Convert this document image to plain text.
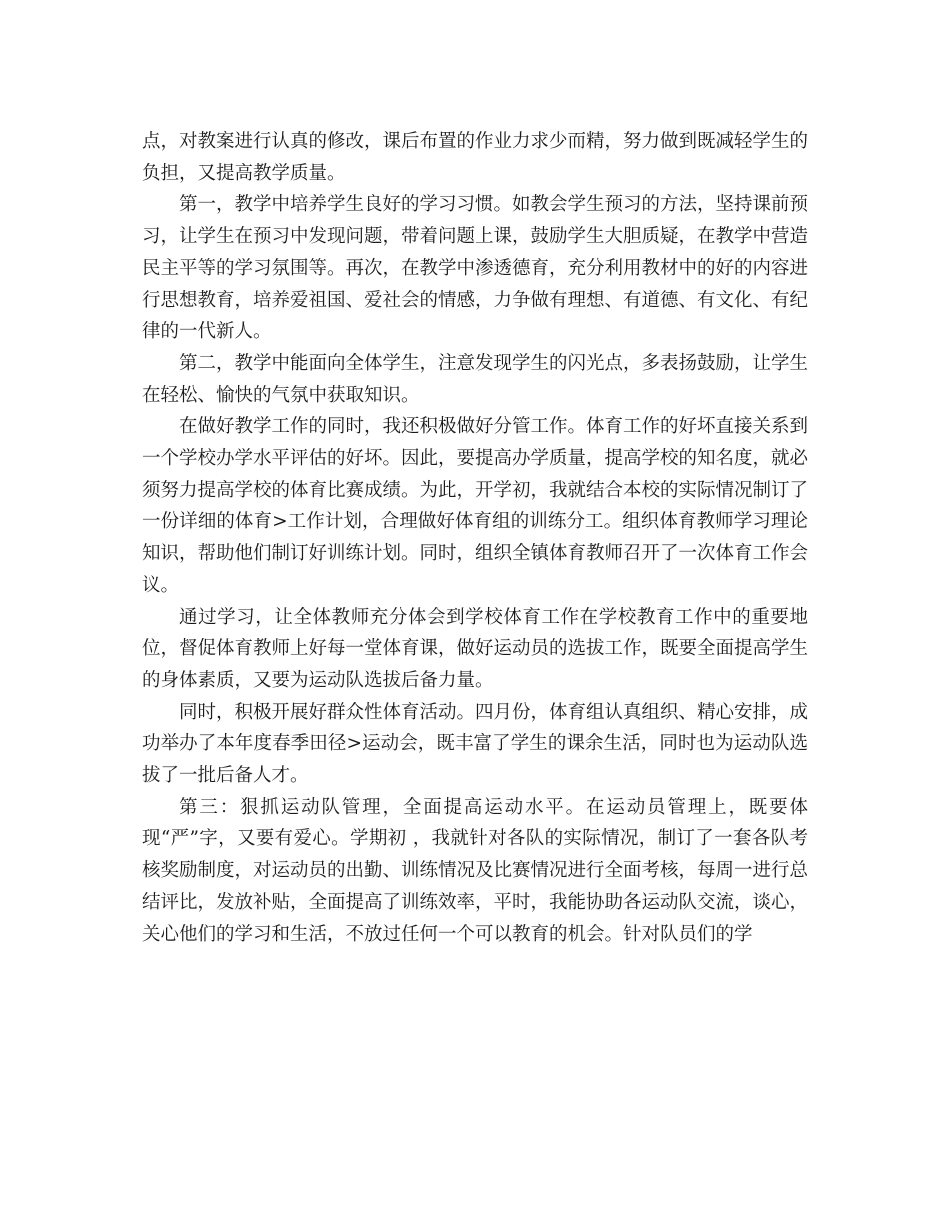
点，对教案进行认真的修改，课后布置的作业力求少而精，努力做到既减轻学生的负担，又提高教学质量。

第一，教学中培养学生良好的学习习惯。如教会学生预习的方法，坚持课前预习，让学生在预习中发现问题，带着问题上课，鼓励学生大胆质疑，在教学中营造民主平等的学习氛围等。再次，在教学中渗透德育，充分利用教材中的好的内容进行思想教育，培养爱祖国、爱社会的情感，力争做有理想、有道德、有文化、有纪律的一代新人。

第二，教学中能面向全体学生，注意发现学生的闪光点，多表扬鼓励，让学生在轻松、愉快的气氛中获取知识。

在做好教学工作的同时，我还积极做好分管工作。体育工作的好坏直接关系到一个学校办学水平评估的好坏。因此，要提高办学质量，提高学校的知名度，就必须努力提高学校的体育比赛成绩。为此，开学初，我就结合本校的实际情况制订了一份详细的体育>工作计划，合理做好体育组的训练分工。组织体育教师学习理论知识，帮助他们制订好训练计划。同时，组织全镇体育教师召开了一次体育工作会议。

通过学习，让全体教师充分体会到学校体育工作在学校教育工作中的重要地位，督促体育教师上好每一堂体育课，做好运动员的选拔工作，既要全面提高学生的身体素质，又要为运动队选拔后备力量。

同时，积极开展好群众性体育活动。四月份，体育组认真组织、精心安排，成功举办了本年度春季田径>运动会，既丰富了学生的课余生活，同时也为运动队选拔了一批后备人才。

第三：狠抓运动队管理，全面提高运动水平。在运动员管理上，既要体现“严”字，又要有爱心。学期初 ，我就针对各队的实际情况，制订了一套各队考核奖励制度，对运动员的出勤、训练情况及比赛情况进行全面考核，每周一进行总结评比，发放补贴，全面提高了训练效率，平时，我能协助各运动队交流，谈心，关心他们的学习和生活，不放过任何一个可以教育的机会。针对队员们的学
